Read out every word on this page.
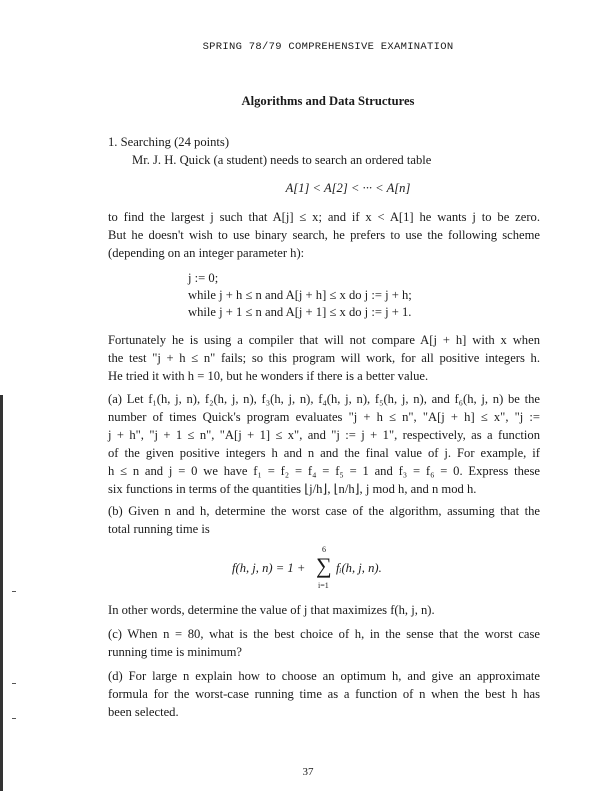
SPRING 78/79 COMPREHENSIVE EXAMINATION
Algorithms and Data Structures
1. Searching (24 points)
Mr. J. H. Quick (a student) needs to search an ordered table
A[1] < A[2] < ··· < A[n]
to find the largest j such that A[j] ≤ x; and if x < A[1] he wants j to be zero.
But he doesn't wish to use binary search, he prefers to use the following scheme
(depending on an integer parameter h):
j := 0;
while j + h ≤ n and A[j + h] ≤ x do j := j + h;
while j + 1 ≤ n and A[j + 1] ≤ x do j := j + 1.
Fortunately he is using a compiler that will not compare A[j + h] with x when
the test "j + h ≤ n" fails; so this program will work, for all positive integers h.
He tried it with h = 10, but he wonders if there is a better value.
(a) Let f₁(h, j, n), f₂(h, j, n), f₃(h, j, n), f₄(h, j, n), f₅(h, j, n), and f₆(h, j, n) be the
number of times Quick's program evaluates "j + h ≤ n", "A[j + h] ≤ x", "j :=
j + h", "j + 1 ≤ n", "A[j + 1] ≤ x", and "j := j + 1", respectively, as a function
of the given positive integers h and n and the final value of j. For example, if
h ≤ n and j = 0 we have f₁ = f₂ = f₄ = f₅ = 1 and f₃ = f₆ = 0. Express these
six functions in terms of the quantities ⌊j/h⌋, ⌊n/h⌋, j mod h, and n mod h.
(b) Given n and h, determine the worst case of the algorithm, assuming that the
total running time is
f(h, j, n) = 1 +
6
∑
i=1
fᵢ(h, j, n).
In other words, determine the value of j that maximizes f(h, j, n).
(c) When n = 80, what is the best choice of h, in the sense that the worst case
running time is minimum?
(d) For large n explain how to choose an optimum h, and give an approximate
formula for the worst-case running time as a function of n when the best h has
been selected.
37
